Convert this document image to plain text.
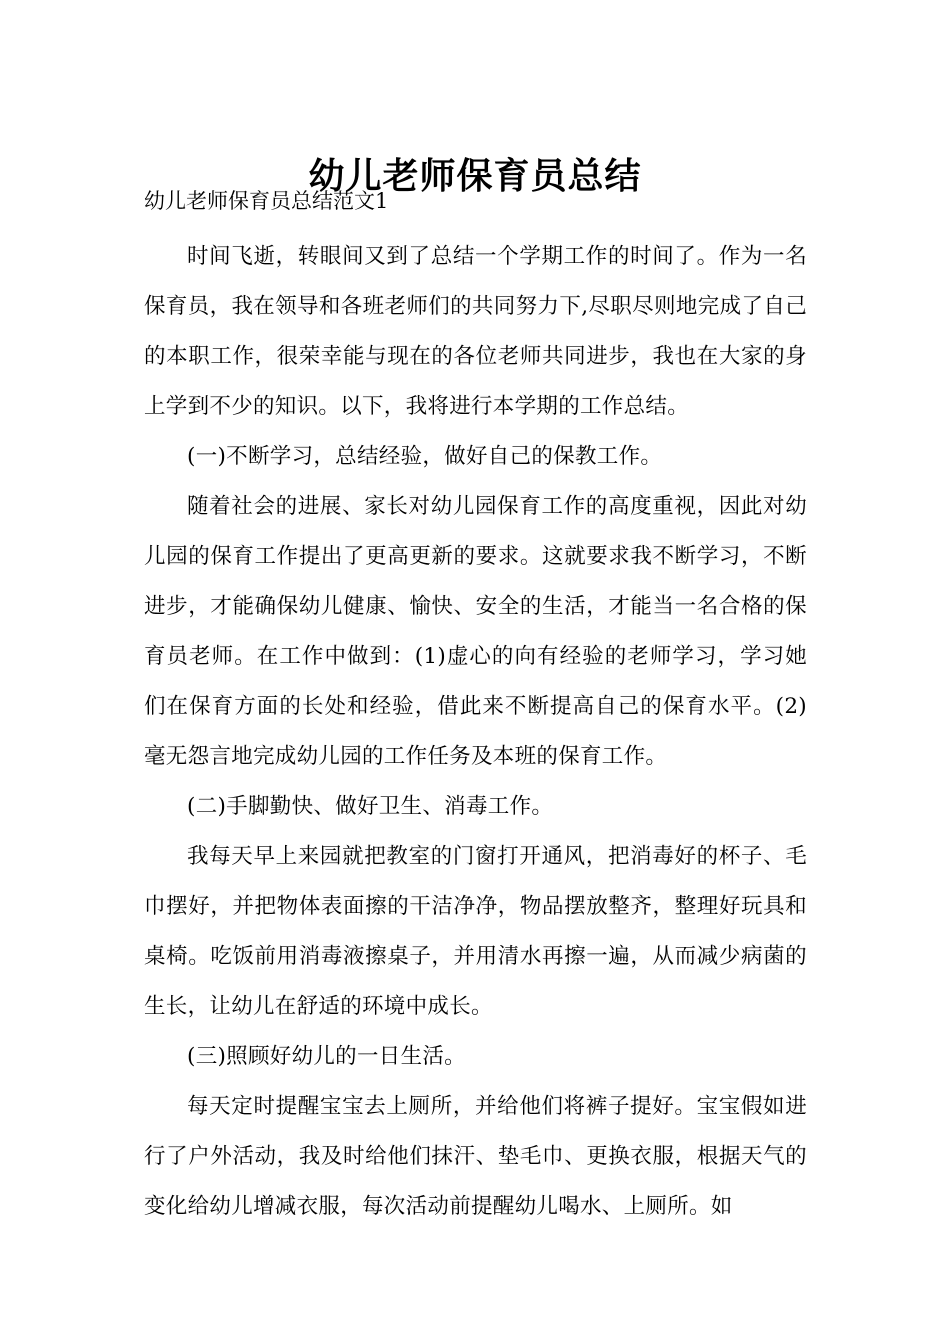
幼儿老师保育员总结
幼儿老师保育员总结范文1

时间飞逝，转眼间又到了总结一个学期工作的时间了。作为一名保育员，我在领导和各班老师们的共同努力下,尽职尽则地完成了自己的本职工作，很荣幸能与现在的各位老师共同进步，我也在大家的身上学到不少的知识。以下，我将进行本学期的工作总结。

(一)不断学习，总结经验，做好自己的保教工作。

随着社会的进展、家长对幼儿园保育工作的高度重视，因此对幼儿园的保育工作提出了更高更新的要求。这就要求我不断学习，不断进步，才能确保幼儿健康、愉快、安全的生活，才能当一名合格的保育员老师。在工作中做到：(1)虚心的向有经验的老师学习，学习她们在保育方面的长处和经验，借此来不断提高自己的保育水平。(2)毫无怨言地完成幼儿园的工作任务及本班的保育工作。

(二)手脚勤快、做好卫生、消毒工作。

我每天早上来园就把教室的门窗打开通风，把消毒好的杯子、毛巾摆好，并把物体表面擦的干洁净净，物品摆放整齐，整理好玩具和桌椅。吃饭前用消毒液擦桌子，并用清水再擦一遍，从而减少病菌的生长，让幼儿在舒适的环境中成长。

(三)照顾好幼儿的一日生活。

每天定时提醒宝宝去上厕所，并给他们将裤子提好。宝宝假如进行了户外活动，我及时给他们抹汗、垫毛巾、更换衣服，根据天气的变化给幼儿增减衣服，每次活动前提醒幼儿喝水、上厕所。如
